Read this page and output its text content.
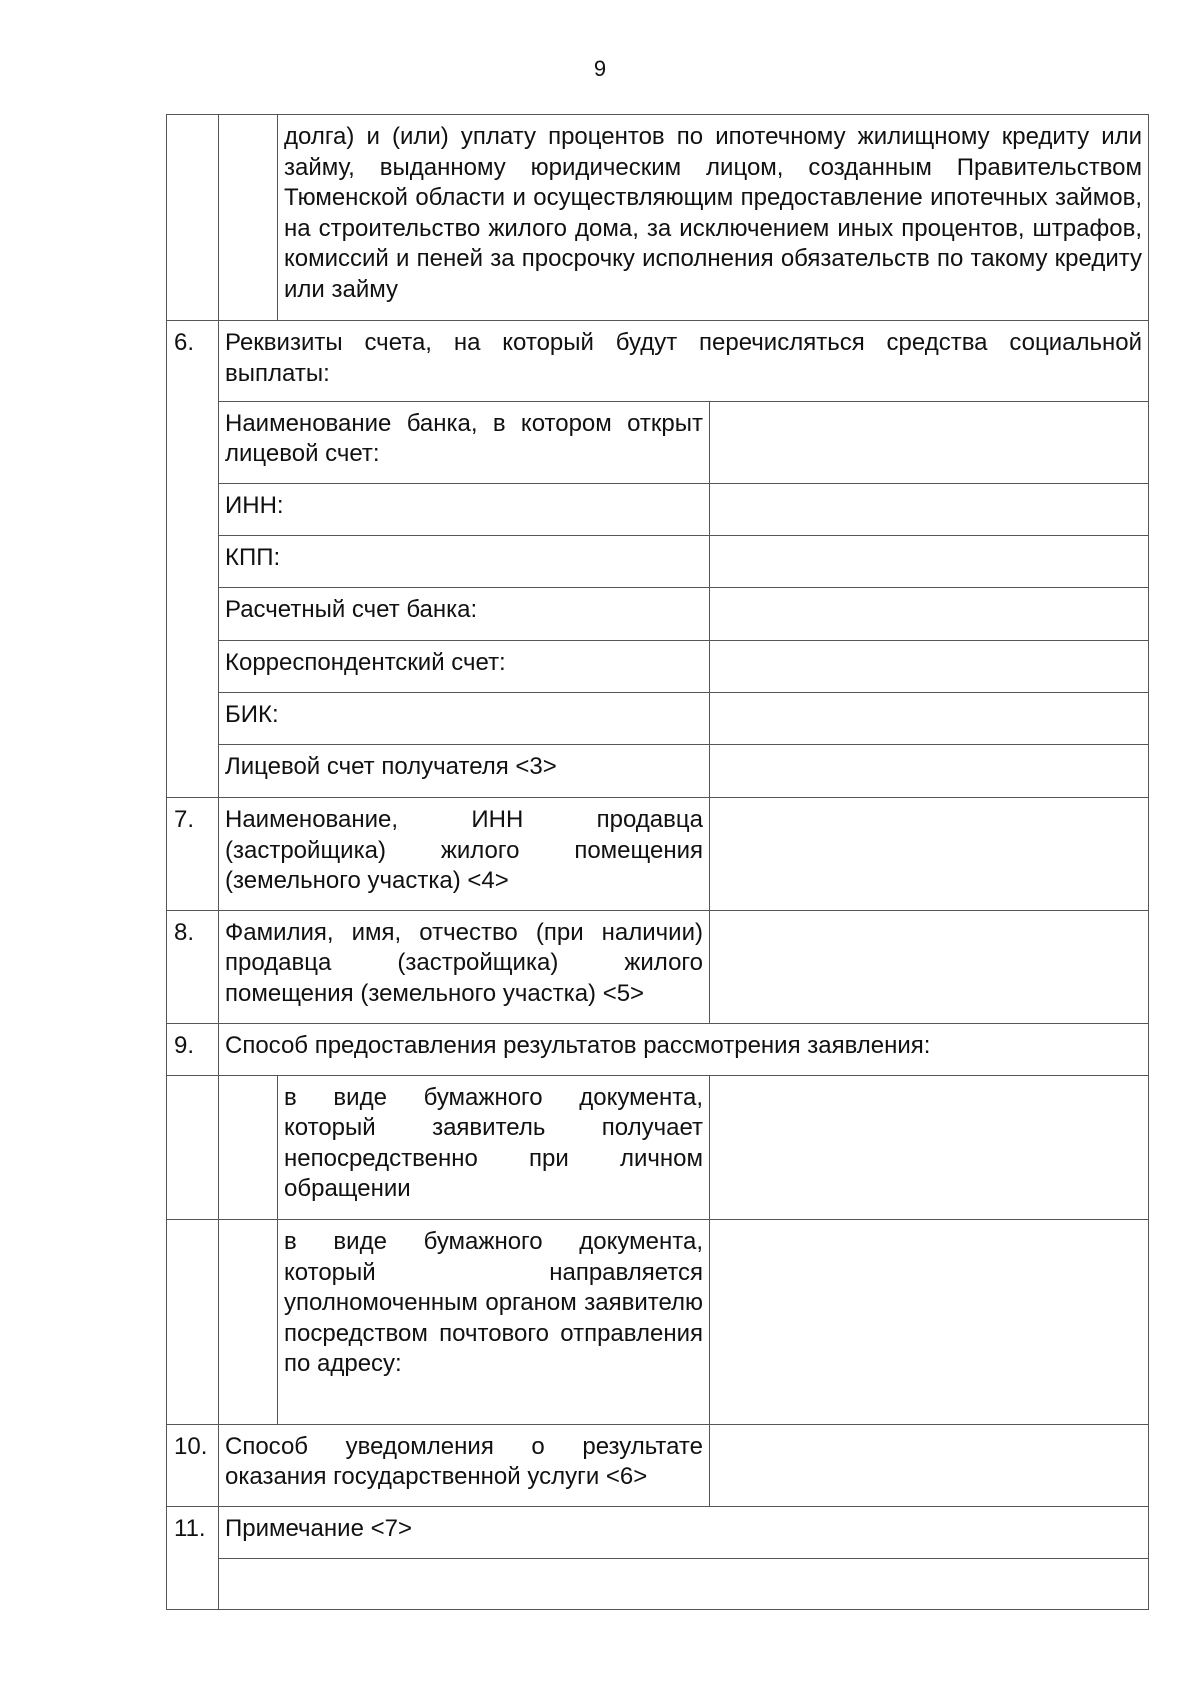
9
		долга) и (или) уплату процентов по ипотечному жилищному кредиту или займу, выданному юридическим лицом, созданным Правительством Тюменской области и осуществляющим предоставление ипотечных займов, на строительство жилого дома, за исключением иных процентов, штрафов, комиссий и пеней за просрочку исполнения обязательств по такому кредиту или займу	
6.	Реквизиты счета, на который будут перечисляться средства социальной выплаты:		
	Наименование банка, в котором открыт лицевой счет:		
	ИНН:		
	КПП:		
	Расчетный счет банка:		
	Корреспондентский счет:		
	БИК:		
	Лицевой счет получателя <3>		
7.	Наименование, ИНН продавца (застройщика) жилого помещения (земельного участка) <4>		

8.	Фамилия, имя, отчество (при наличии) продавца (застройщика) жилого помещения (земельного участка) <5>		

9.	Способ предоставления результатов рассмотрения заявления:		

		в виде бумажного документа, который заявитель получает непосредственно при личном обращении	

		в виде бумажного документа, который направляется уполномоченным органом заявителю посредством почтового отправления по адресу:	

10.	Способ уведомления о результате оказания государственной услуги <6>		

11.	Примечание <7>		
